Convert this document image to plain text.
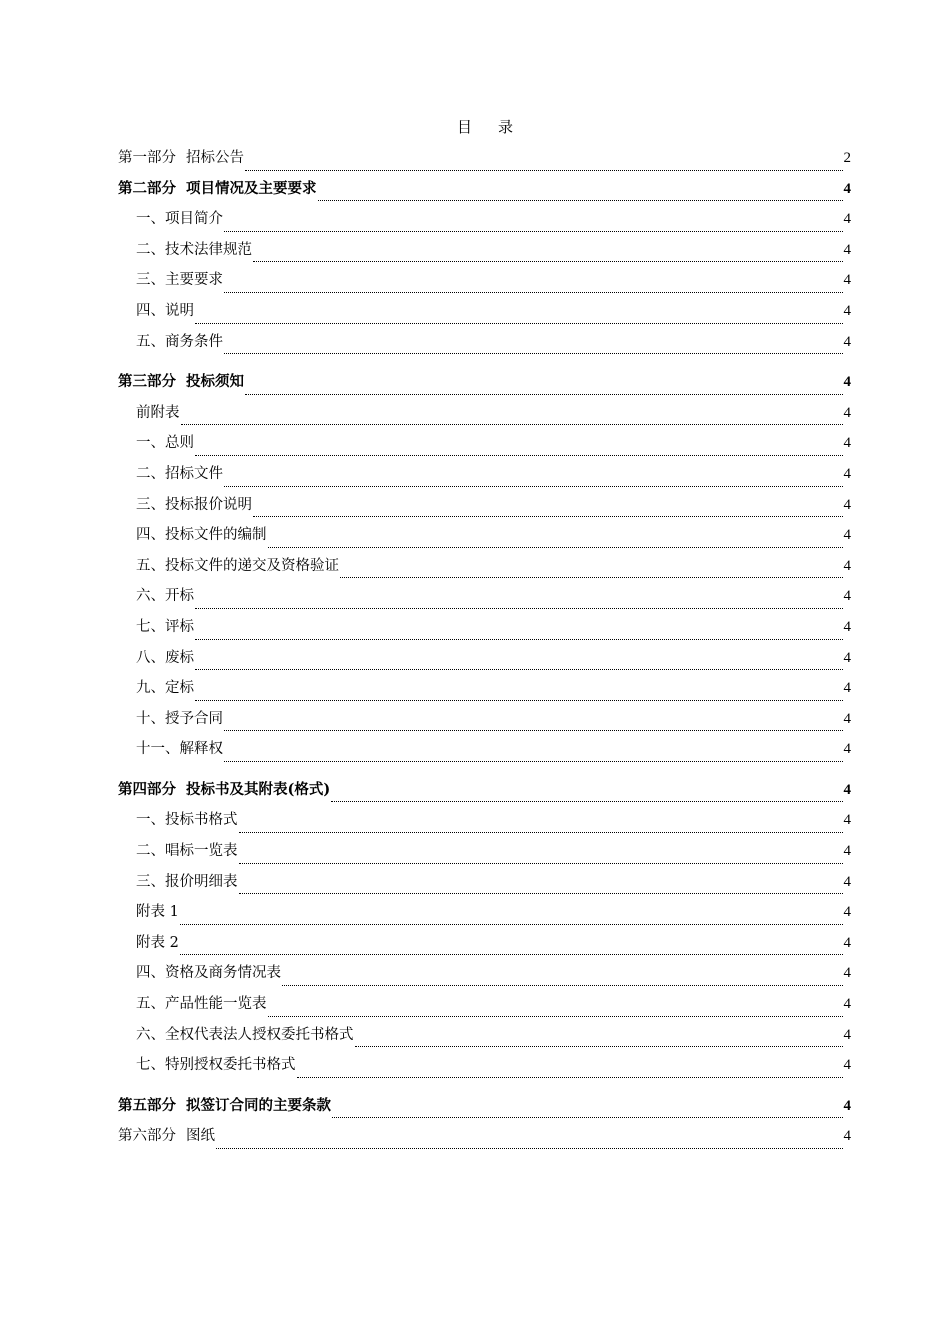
目 录
第一部分 招标公告	2
第二部分 项目情况及主要要求	4
一、项目简介	4
二、技术法律规范	4
三、主要要求	4
四、说明	4
五、商务条件	4
第三部分 投标须知	4
前附表	4
一、总则	4
二、招标文件	4
三、投标报价说明	4
四、投标文件的编制	4
五、投标文件的递交及资格验证	4
六、开标	4
七、评标	4
八、废标	4
九、定标	4
十、授予合同	4
十一、解释权	4
第四部分 投标书及其附表(格式)	4
一、投标书格式	4
二、唱标一览表	4
三、报价明细表	4
附表 1	4
附表 2	4
四、资格及商务情况表	4
五、产品性能一览表	4
六、全权代表法人授权委托书格式	4
七、特别授权委托书格式	4
第五部分 拟签订合同的主要条款	4
第六部分 图纸	4
